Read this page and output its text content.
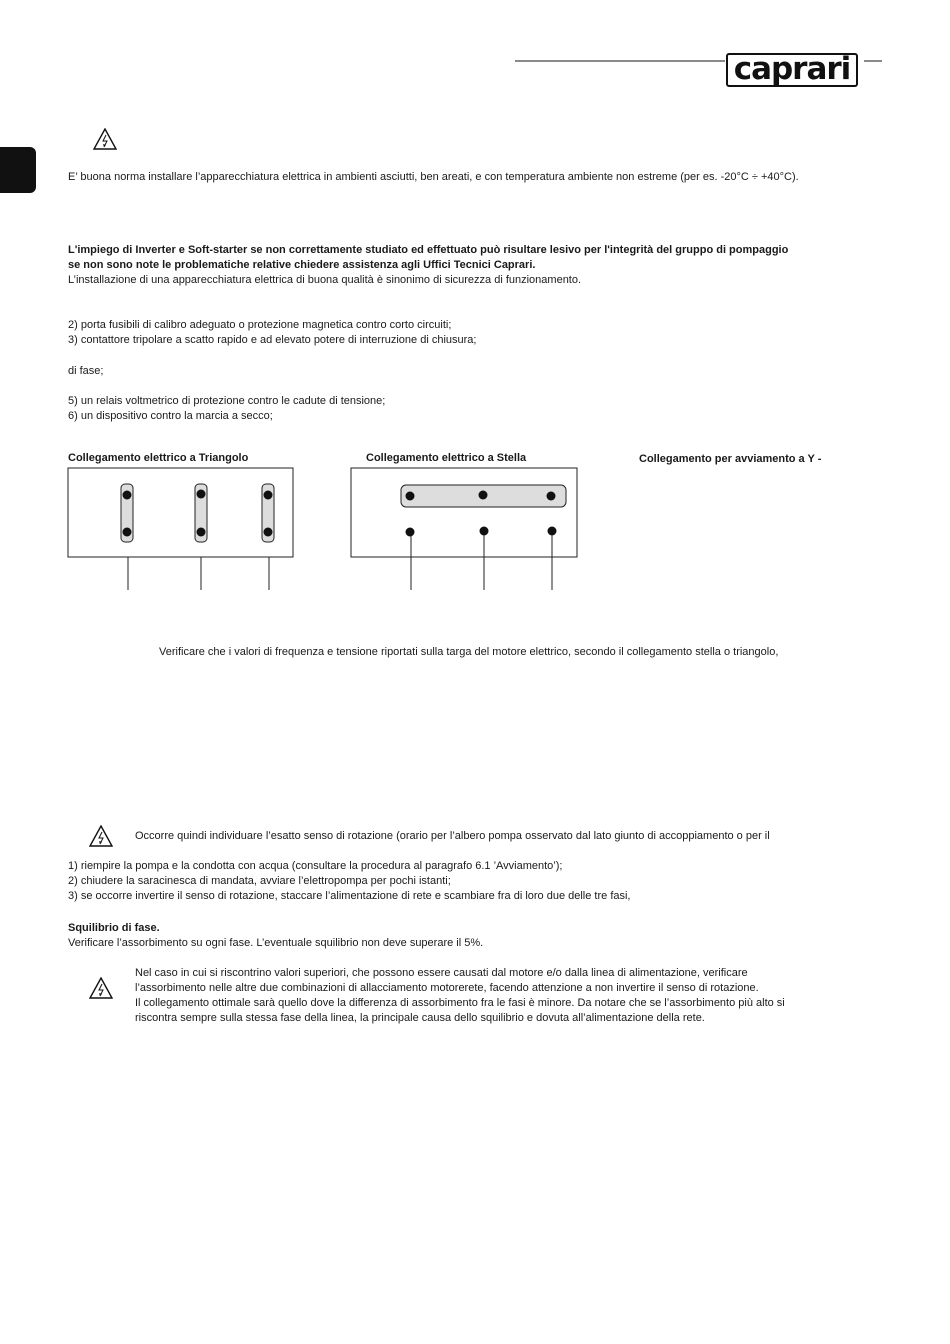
caprari
E’ buona norma installare l’apparecchiatura elettrica in ambienti asciutti, ben areati, e con temperatura ambiente non estreme (per es. -20°C ÷ +40°C).
L'impiego di Inverter e Soft-starter se non correttamente studiato ed effettuato può risultare lesivo per l'integrità del gruppo di pompaggio
se non sono note le problematiche relative chiedere assistenza agli Uffici Tecnici Caprari.
L’installazione di una apparecchiatura elettrica di buona qualità è sinonimo di sicurezza di funzionamento.
2) porta fusibili di calibro adeguato o protezione magnetica contro corto circuiti;
3) contattore tripolare a scatto rapido e ad elevato potere di interruzione di chiusura;
di fase;
5) un relais voltmetrico di protezione contro le cadute di tensione;
6) un dispositivo contro la marcia a secco;
Collegamento elettrico a Triangolo	Collegamento elettrico a Stella	Collegamento per avviamento a Y -
Verificare che i valori di frequenza e tensione riportati sulla targa del motore elettrico, secondo il collegamento stella o triangolo,
Occorre quindi individuare l’esatto senso di rotazione (orario per l’albero pompa osservato dal lato giunto di accoppiamento o per il
1) riempire la pompa e la condotta con acqua (consultare la procedura al paragrafo 6.1 ’Avviamento’);
2) chiudere la saracinesca di mandata, avviare l’elettropompa per pochi istanti;
3) se occorre invertire il senso di rotazione, staccare l’alimentazione di rete e scambiare fra di loro due delle tre fasi,
Squilibrio di fase.
Verificare l’assorbimento su ogni fase. L’eventuale squilibrio non deve superare il 5%.
Nel caso in cui si riscontrino valori superiori, che possono essere causati dal motore e/o dalla linea di alimentazione, verificare
l’assorbimento nelle altre due combinazioni di allacciamento motorerete, facendo attenzione a non invertire il senso di rotazione.
Il collegamento ottimale sarà quello dove la differenza di assorbimento fra le fasi è minore. Da notare che se l’assorbimento più alto si
riscontra sempre sulla stessa fase della linea, la principale causa dello squilibrio e dovuta all’alimentazione della rete.
